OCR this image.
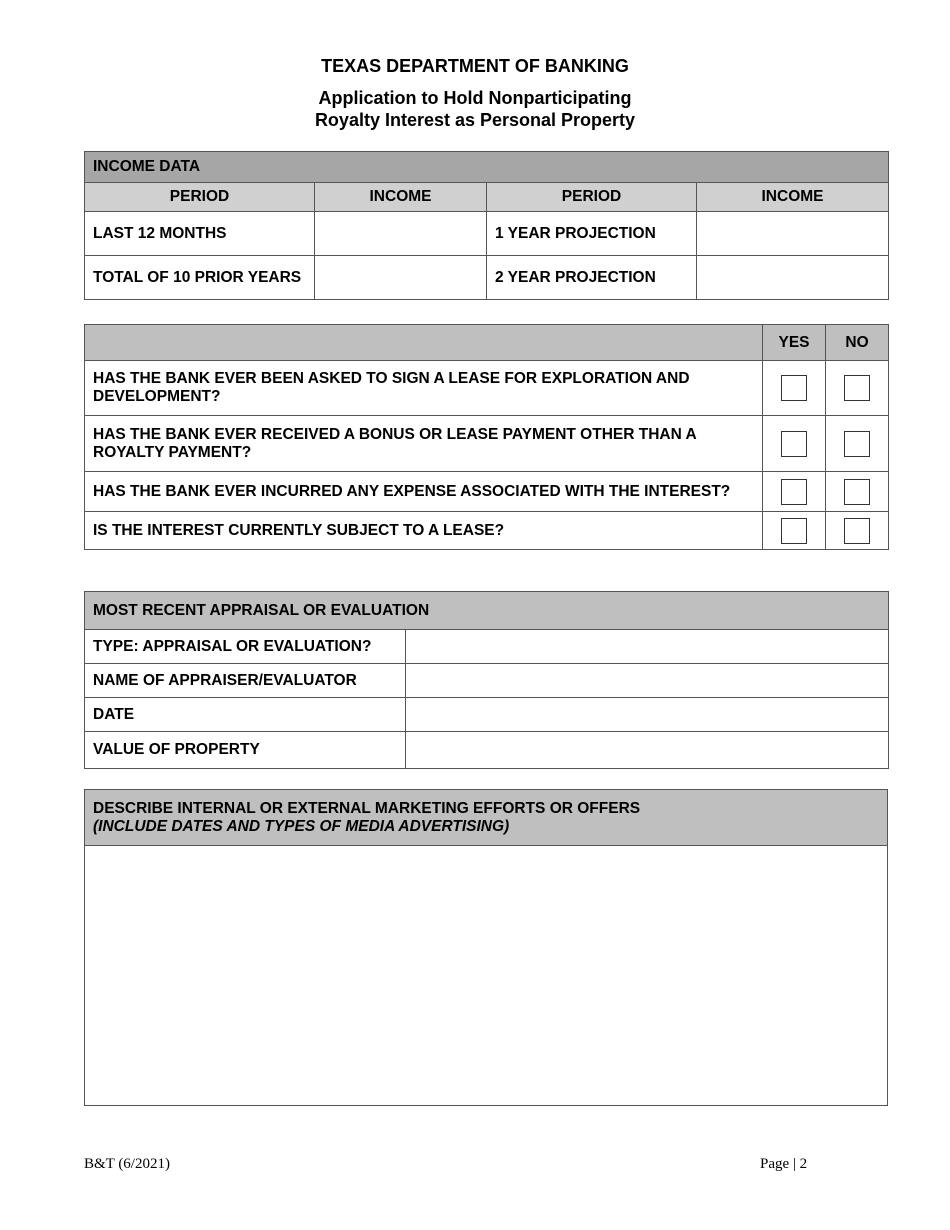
TEXAS DEPARTMENT OF BANKING
Application to Hold Nonparticipating
Royalty Interest as Personal Property
INCOME DATA			
PERIOD	INCOME	PERIOD	INCOME
LAST 12 MONTHS		1 YEAR PROJECTION	
TOTAL OF 10 PRIOR YEARS		2 YEAR PROJECTION	
	YES	NO

HAS THE BANK EVER BEEN ASKED TO SIGN A LEASE FOR EXPLORATION AND
DEVELOPMENT?		

HAS THE BANK EVER RECEIVED A BONUS OR LEASE PAYMENT OTHER THAN A
ROYALTY PAYMENT?		

HAS THE BANK EVER INCURRED ANY EXPENSE ASSOCIATED WITH THE INTEREST?		
IS THE INTEREST CURRENTLY SUBJECT TO A LEASE?		
MOST RECENT APPRAISAL OR EVALUATION	
TYPE: APPRAISAL OR EVALUATION?	
NAME OF APPRAISER/EVALUATOR	
DATE	
VALUE OF PROPERTY	
DESCRIBE INTERNAL OR EXTERNAL MARKETING EFFORTS OR OFFERS
(INCLUDE DATES AND TYPES OF MEDIA ADVERTISING)

B&T (6/2021)	Page | 2
